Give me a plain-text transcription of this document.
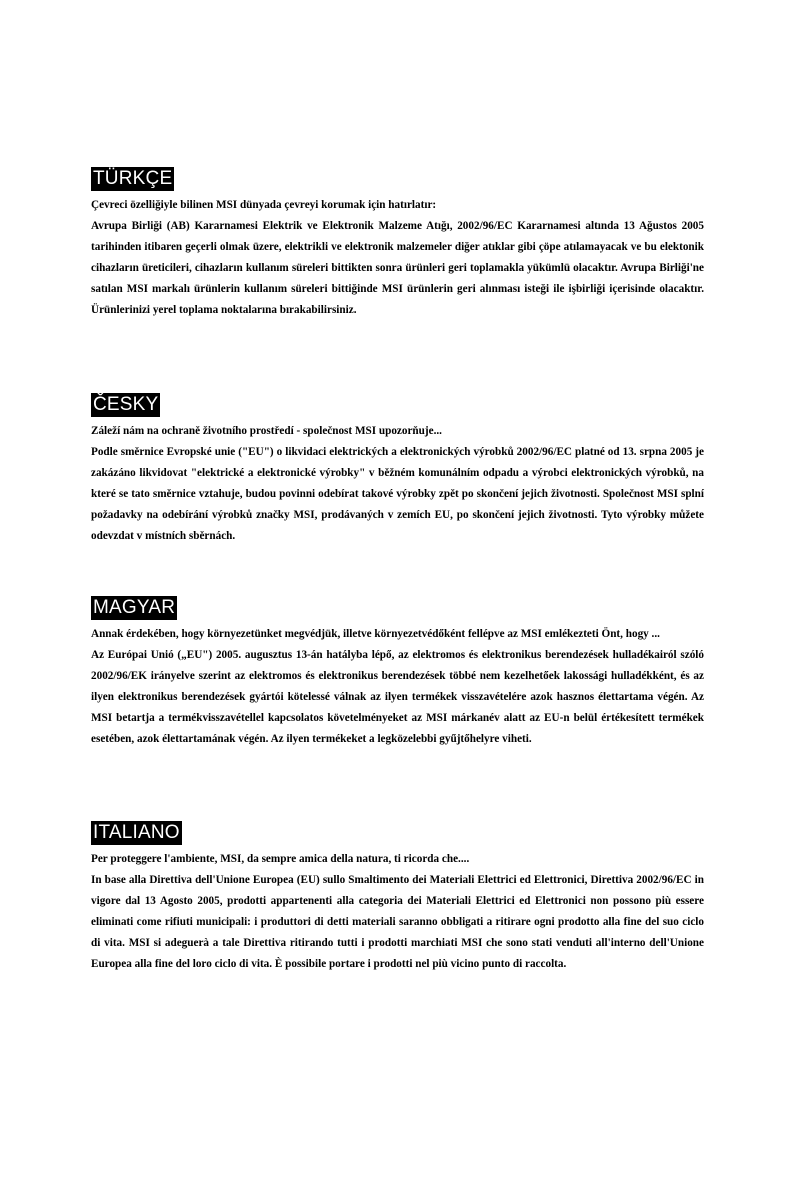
TÜRKÇE

Çevreci özelliğiyle bilinen MSI dünyada çevreyi korumak için hatırlatır:

Avrupa Birliği (AB) Kararnamesi Elektrik ve Elektronik Malzeme Atığı, 2002/96/EC Kararnamesi altında 13 Ağustos 2005 tarihinden itibaren geçerli olmak üzere, elektrikli ve elektronik malzemeler diğer atıklar gibi çöpe atılamayacak ve bu elektonik cihazların üreticileri, cihazların kullanım süreleri bittikten sonra ürünleri geri toplamakla yükümlü olacaktır. Avrupa Birliği'ne satılan MSI markalı ürünlerin kullanım süreleri bittiğinde MSI ürünlerin geri alınması isteği ile işbirliği içerisinde olacaktır. Ürünlerinizi yerel toplama noktalarına bırakabilirsiniz.

ČESKY

Záleží nám na ochraně životního prostředí - společnost MSI upozorňuje...

Podle směrnice Evropské unie ("EU") o likvidaci elektrických a elektronických výrobků 2002/96/EC platné od 13. srpna 2005 je zakázáno likvidovat "elektrické a elektronické výrobky" v běžném komunálním odpadu a výrobci elektronických výrobků, na které se tato směrnice vztahuje, budou povinni odebírat takové výrobky zpět po skončení jejich životnosti. Společnost MSI splní požadavky na odebírání výrobků značky MSI, prodávaných v zemích EU, po skončení jejich životnosti. Tyto výrobky můžete odevzdat v místních sběrnách.

MAGYAR

Annak érdekében, hogy környezetünket megvédjük, illetve környezetvédőként fellépve az MSI emlékezteti Önt, hogy ...

Az Európai Unió („EU") 2005. augusztus 13-án hatályba lépő, az elektromos és elektronikus berendezések hulladékairól szóló 2002/96/EK irányelve szerint az elektromos és elektronikus berendezések többé nem kezelhetőek lakossági hulladékként, és az ilyen elektronikus berendezések gyártói kötelessé válnak az ilyen termékek visszavételére azok hasznos élettartama végén. Az MSI betartja a termékvisszavétellel kapcsolatos követelményeket az MSI márkanév alatt az EU-n belül értékesített termékek esetében, azok élettartamának végén. Az ilyen termékeket a legközelebbi gyűjtőhelyre viheti.

ITALIANO

Per proteggere l'ambiente, MSI, da sempre amica della natura, ti ricorda che....

In base alla Direttiva dell'Unione Europea (EU) sullo Smaltimento dei Materiali Elettrici ed Elettronici, Direttiva 2002/96/EC in vigore dal 13 Agosto 2005, prodotti appartenenti alla categoria dei Materiali Elettrici ed Elettronici non possono più essere eliminati come rifiuti municipali: i produttori di detti materiali saranno obbligati a ritirare ogni prodotto alla fine del suo ciclo di vita. MSI si adeguerà a tale Direttiva ritirando tutti i prodotti marchiati MSI che sono stati venduti all'interno dell'Unione Europea alla fine del loro ciclo di vita. È possibile portare i prodotti nel più vicino punto di raccolta.
